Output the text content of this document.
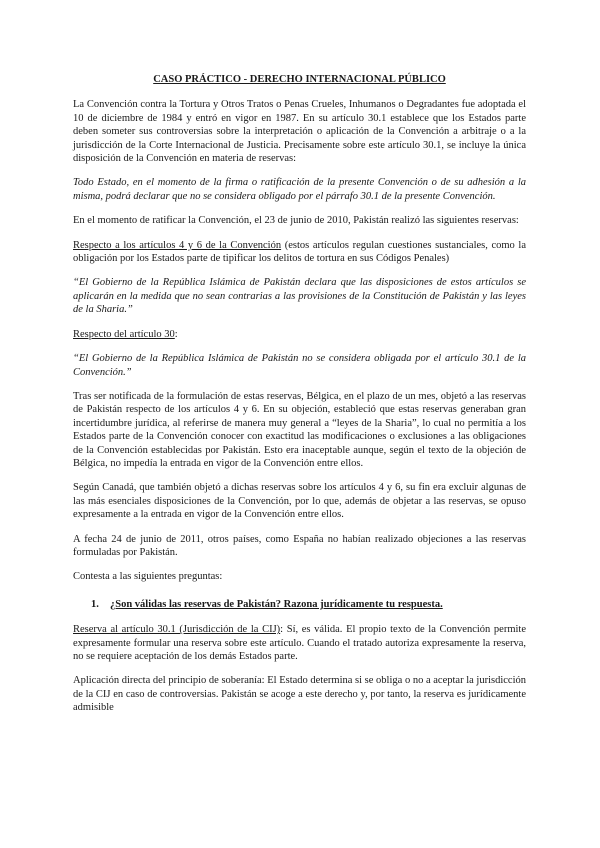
CASO PRÁCTICO - DERECHO INTERNACIONAL PÚBLICO

La Convención contra la Tortura y Otros Tratos o Penas Crueles, Inhumanos o Degradantes fue adoptada el 10 de diciembre de 1984 y entró en vigor en 1987. En su artículo 30.1 establece que los Estados parte deben someter sus controversias sobre la interpretación o aplicación de la Convención a arbitraje o a la jurisdicción de la Corte Internacional de Justicia. Precisamente sobre este artículo 30.1, se incluye la única disposición de la Convención en materia de reservas:

Todo Estado, en el momento de la firma o ratificación de la presente Convención o de su adhesión a la misma, podrá declarar que no se considera obligado por el párrafo 30.1 de la presente Convención.

En el momento de ratificar la Convención, el 23 de junio de 2010, Pakistán realizó las siguientes reservas:

Respecto a los artículos 4 y 6 de la Convención (estos artículos regulan cuestiones sustanciales, como la obligación por los Estados parte de tipificar los delitos de tortura en sus Códigos Penales)

“El Gobierno de la República Islámica de Pakistán declara que las disposiciones de estos artículos se aplicarán en la medida que no sean contrarias a las provisiones de la Constitución de Pakistán y las leyes de la Sharia.”

Respecto del artículo 30:

“El Gobierno de la República Islámica de Pakistán no se considera obligada por el artículo 30.1 de la Convención.”

Tras ser notificada de la formulación de estas reservas, Bélgica, en el plazo de un mes, objetó a las reservas de Pakistán respecto de los artículos 4 y 6. En su objeción, estableció que estas reservas generaban gran incertidumbre jurídica, al referirse de manera muy general a “leyes de la Sharia”, lo cual no permitía a los Estados parte de la Convención conocer con exactitud las modificaciones o exclusiones a las obligaciones de la Convención establecidas por Pakistán. Esto era inaceptable aunque, según el texto de la objeción de Bélgica, no impedía la entrada en vigor de la Convención entre ellos.

Según Canadá, que también objetó a dichas reservas sobre los artículos 4 y 6, su fin era excluir algunas de las más esenciales disposiciones de la Convención, por lo que, además de objetar a las reservas, se opuso expresamente a la entrada en vigor de la Convención entre ellos.

A fecha 24 de junio de 2011, otros países, como España no habían realizado objeciones a las reservas formuladas por Pakistán.

Contesta a las siguientes preguntas:

1.	¿Son válidas las reservas de Pakistán? Razona jurídicamente tu respuesta.

Reserva al artículo 30.1 (Jurisdicción de la CIJ): Sí, es válida. El propio texto de la Convención permite expresamente formular una reserva sobre este artículo. Cuando el tratado autoriza expresamente la reserva, no se requiere aceptación de los demás Estados parte.

Aplicación directa del principio de soberanía: El Estado determina si se obliga o no a aceptar la jurisdicción de la CIJ en caso de controversias. Pakistán se acoge a este derecho y, por tanto, la reserva es jurídicamente admisible
